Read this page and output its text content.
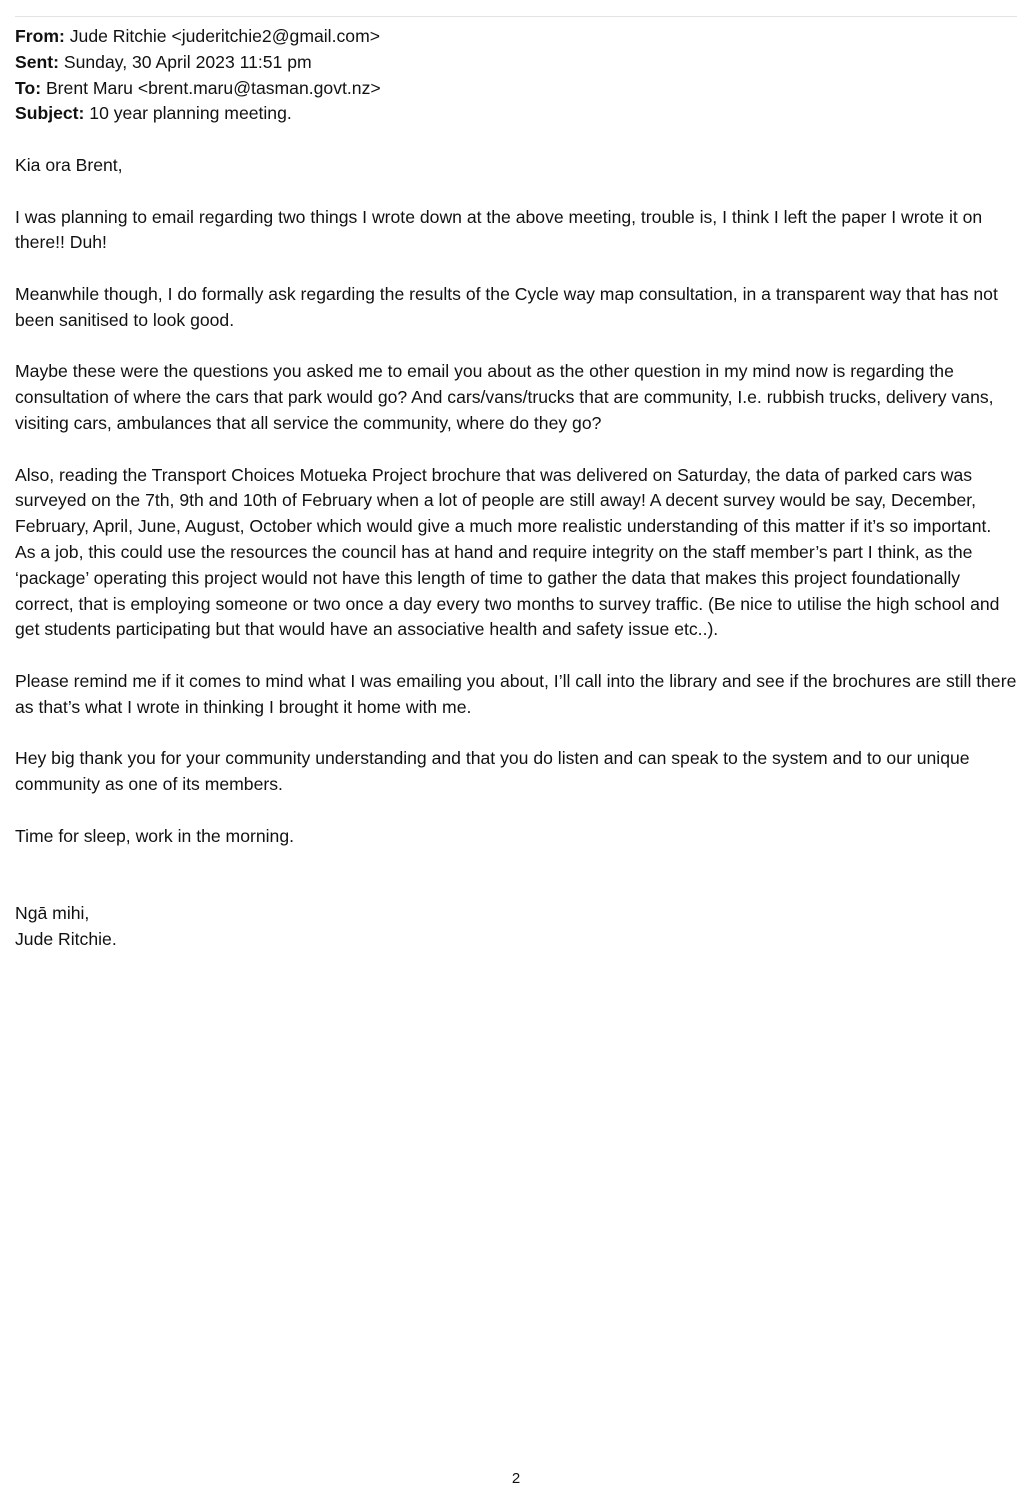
From: Jude Ritchie <juderitchie2@gmail.com>

Sent: Sunday, 30 April 2023 11:51 pm

To: Brent Maru <brent.maru@tasman.govt.nz>

Subject: 10 year planning meeting.

Kia ora Brent,

I was planning to email regarding two things I wrote down at the above meeting, trouble is, I think I left the paper I wrote it on there!! Duh!

Meanwhile though, I do formally ask regarding the results of the Cycle way map consultation, in a transparent way that has not been sanitised to look good.

Maybe these were the questions you asked me to email you about as the other question in my mind now is regarding the consultation of where the cars that park would go? And cars/vans/trucks that are community, I.e. rubbish trucks, delivery vans, visiting cars, ambulances that all service the community, where do they go?

Also, reading the Transport Choices Motueka Project brochure that was delivered on Saturday, the data of parked cars was surveyed on the 7th, 9th and 10th of February when a lot of people are still away! A decent survey would be say, December, February, April, June, August, October which would give a much more realistic understanding of this matter if it’s so important.

As a job, this could use the resources the council has at hand and require integrity on the staff member’s part I think, as the ‘package’ operating this project would not have this length of time to gather the data that makes this project foundationally correct, that is employing someone or two once a day every two months to survey traffic. (Be nice to utilise the high school and get students participating but that would have an associative health and safety issue etc..).

Please remind me if it comes to mind what I was emailing you about, I’ll call into the library and see if the brochures are still there as that’s what I wrote in thinking I brought it home with me.

Hey big thank you for your community understanding and that you do listen and can speak to the system and to our unique community as one of its members.

Time for sleep, work in the morning.

Ngā mihi,

Jude Ritchie.

2
